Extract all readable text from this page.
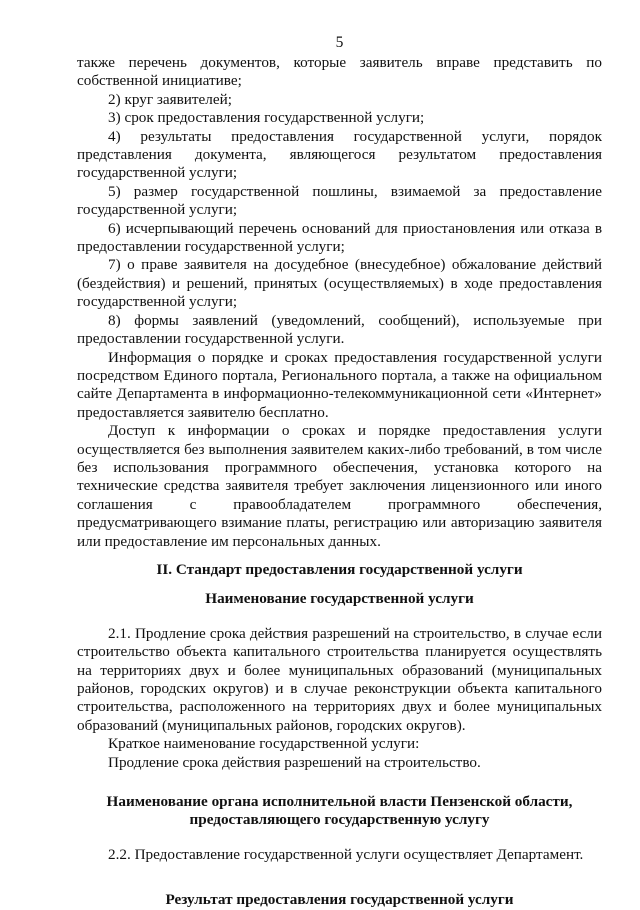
5

также перечень документов, которые заявитель вправе представить по собственной инициативе;

2) круг заявителей;

3) срок предоставления государственной услуги;

4) результаты предоставления государственной услуги, порядок представления документа, являющегося результатом предоставления государственной услуги;

5) размер государственной пошлины, взимаемой за предоставление государственной услуги;

6) исчерпывающий перечень оснований для приостановления или отказа в предоставлении государственной услуги;

7) о праве заявителя на досудебное (внесудебное) обжалование действий (бездействия) и решений, принятых (осуществляемых) в ходе предоставления государственной услуги;

8) формы заявлений (уведомлений, сообщений), используемые при предоставлении государственной услуги.

Информация о порядке и сроках предоставления государственной услуги посредством Единого портала, Регионального портала, а также на официальном сайте Департамента в информационно-телекоммуникационной сети «Интернет» предоставляется заявителю бесплатно.

Доступ к информации о сроках и порядке предоставления услуги осуществляется без выполнения заявителем каких-либо требований, в том числе без использования программного обеспечения, установка которого на технические средства заявителя требует заключения лицензионного или иного соглашения с правообладателем программного обеспечения, предусматривающего взимание платы, регистрацию или авторизацию заявителя или предоставление им персональных данных.

II. Стандарт предоставления государственной услуги
Наименование государственной услуги

2.1. Продление срока действия разрешений на строительство, в случае если строительство объекта капитального строительства планируется осуществлять на территориях двух и более муниципальных образований (муниципальных районов, городских округов) и в случае реконструкции объекта капитального строительства, расположенного на территориях двух и более муниципальных образований (муниципальных районов, городских округов).

Краткое наименование государственной услуги:

Продление срока действия разрешений на строительство.

Наименование органа исполнительной власти Пензенской области,
предоставляющего государственную услугу

2.2. Предоставление государственной услуги осуществляет Департамент.

Результат предоставления государственной услуги
